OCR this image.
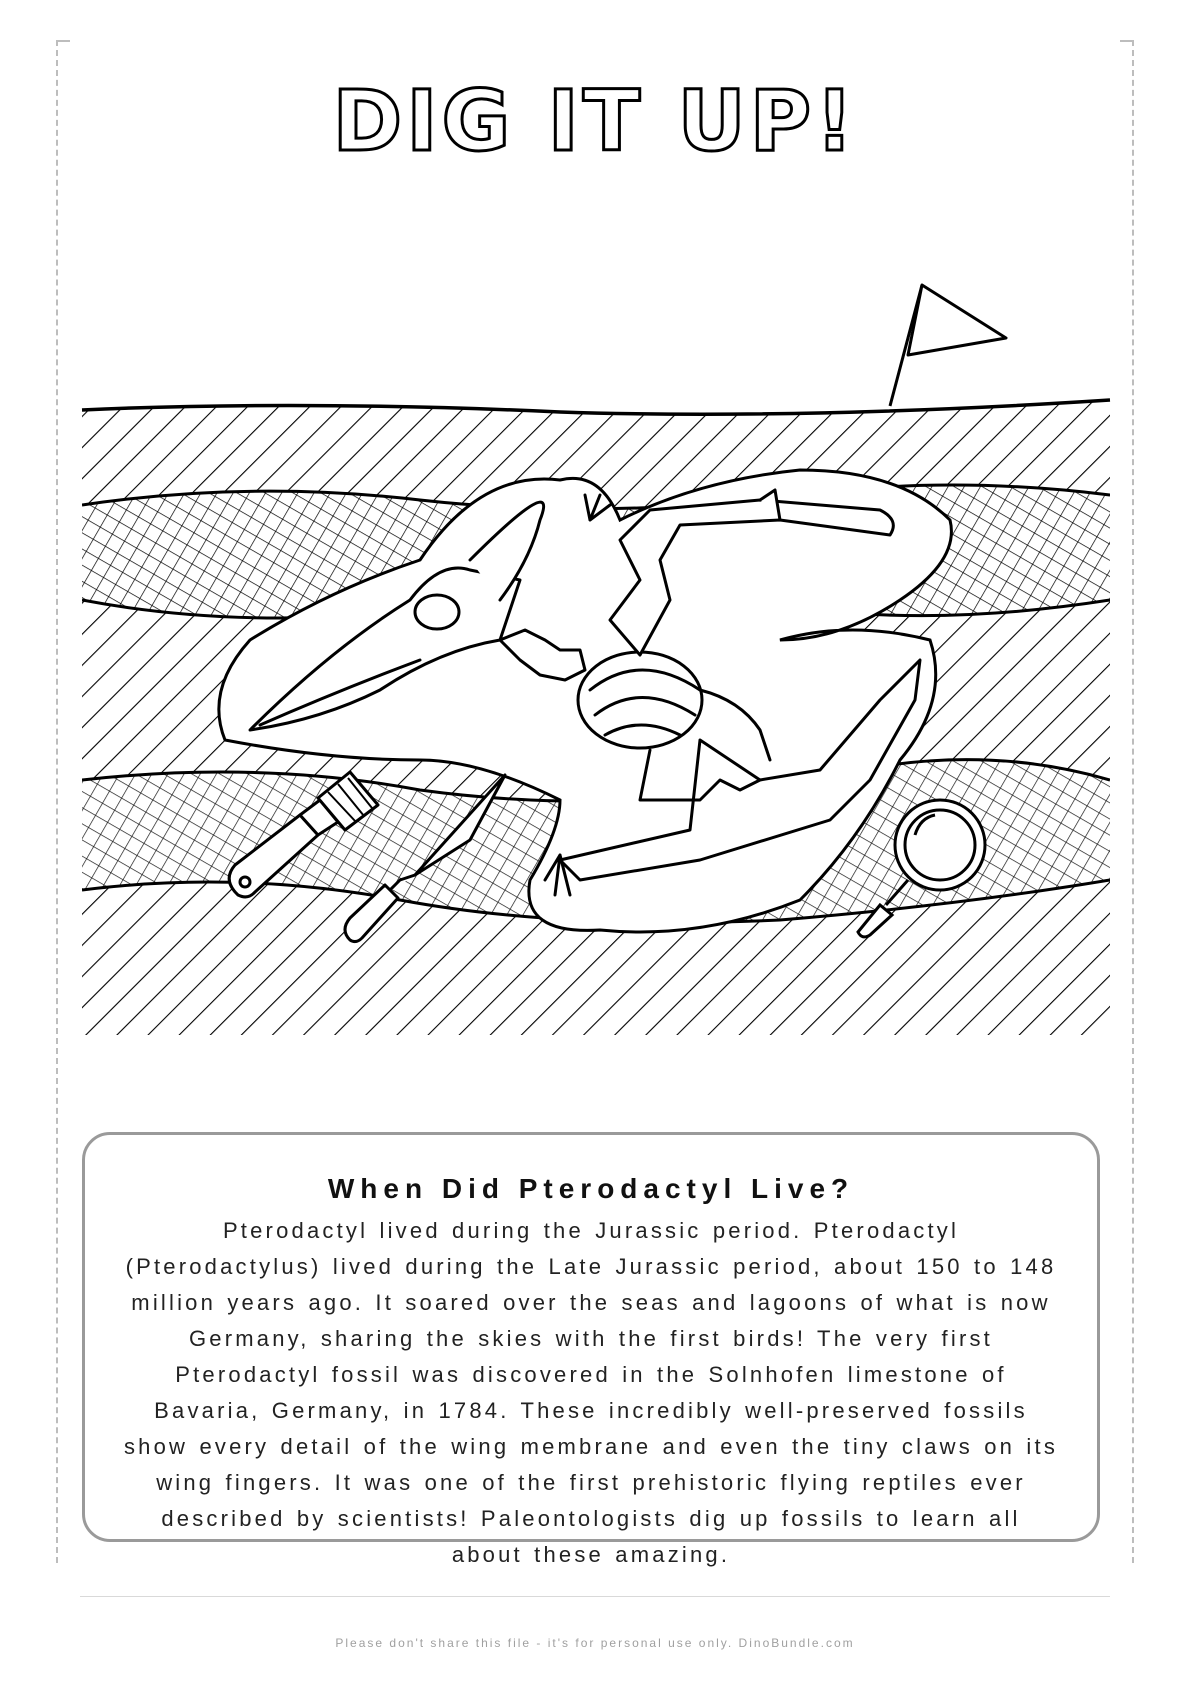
DIG IT UP!
When Did Pterodactyl Live?

Pterodactyl lived during the Jurassic period. Pterodactyl (Pterodactylus) lived during the Late Jurassic period, about 150 to 148 million years ago. It soared over the seas and lagoons of what is now Germany, sharing the skies with the first birds! The very first Pterodactyl fossil was discovered in the Solnhofen limestone of Bavaria, Germany, in 1784. These incredibly well-preserved fossils show every detail of the wing membrane and even the tiny claws on its wing fingers. It was one of the first prehistoric flying reptiles ever described by scientists! Paleontologists dig up fossils to learn all about these amazing.

Please don't share this file - it's for personal use only. DinoBundle.com
